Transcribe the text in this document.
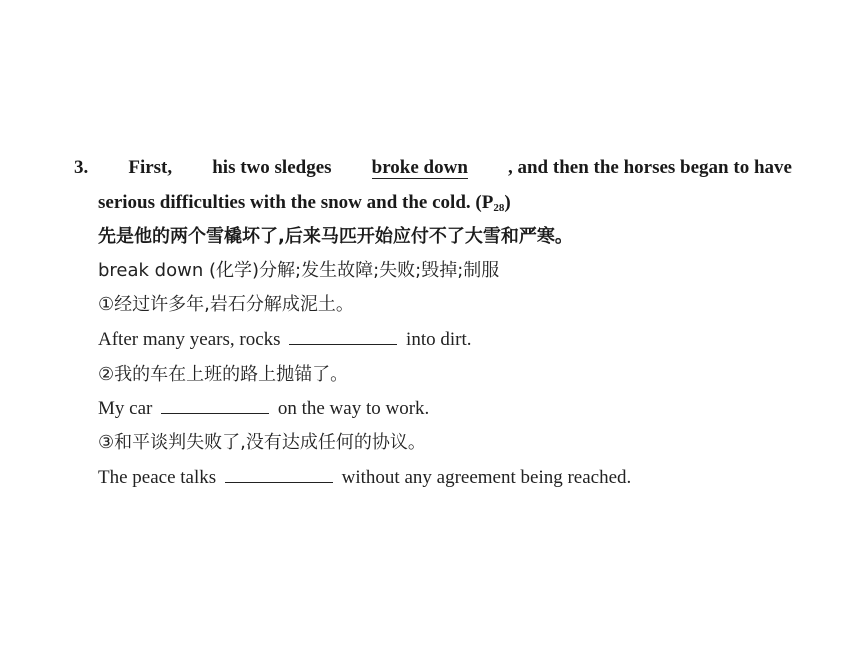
3. First, his two sledges broke down , and then the horses began to have
serious difficulties with the snow and the cold. $(P_{28})$
先是他的两个雪橇坏了,后来马匹开始应付不了大雪和严寒。
break down (化学)分解;发生故障;失败;毁掉;制服
①经过许多年,岩石分解成泥土。
After many years, rocks	into dirt.
②我的车在上班的路上抛锚了。
My car	on the way to work.
③和平谈判失败了,没有达成任何的协议。
The peace talks	without any agreement being reached.
